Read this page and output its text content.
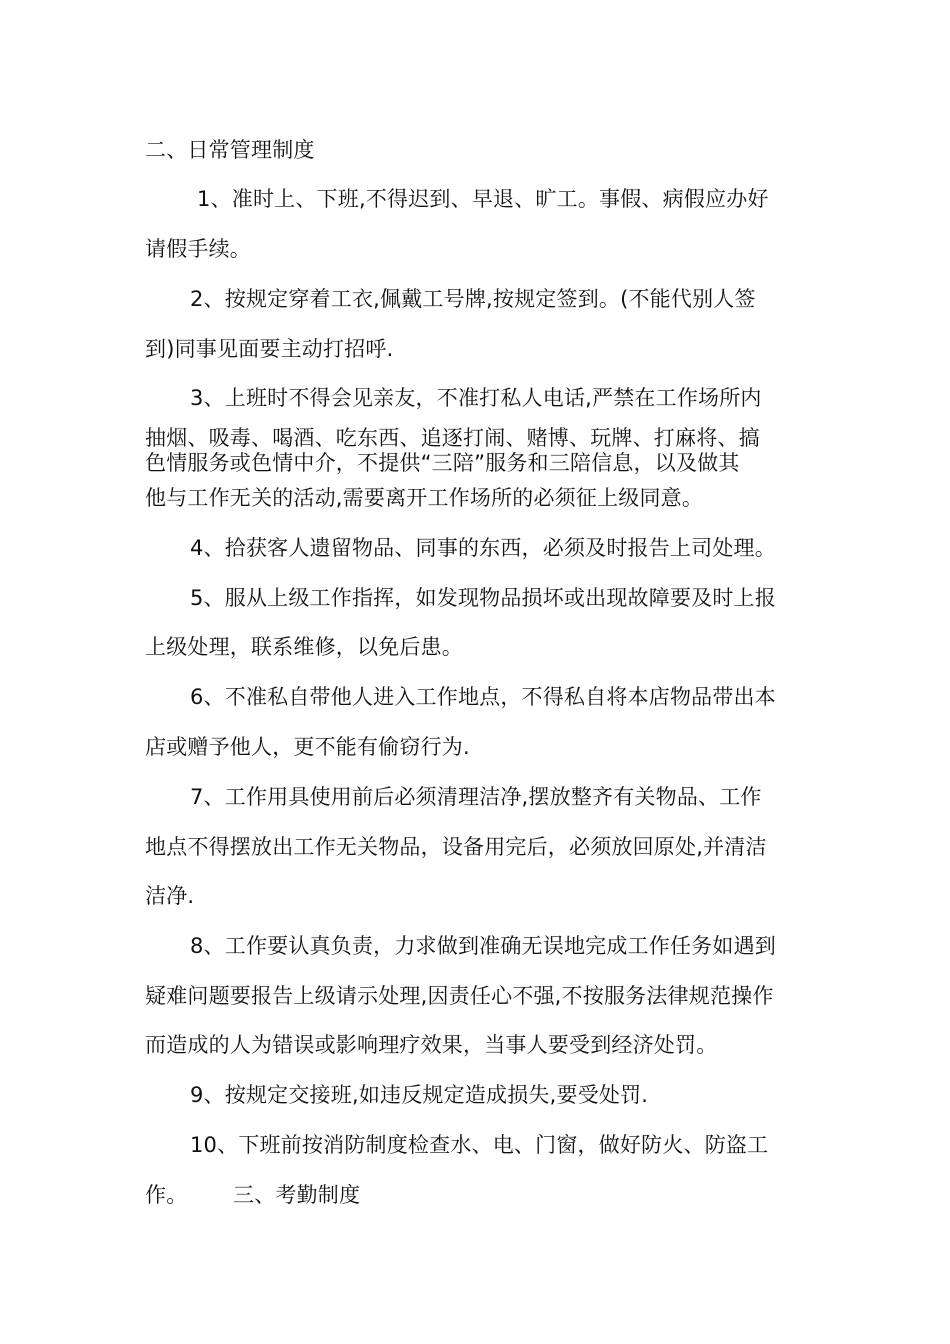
二、日常管理制度
1、准时上、下班,不得迟到、早退、旷工。事假、病假应办好
请假手续。
2、按规定穿着工衣,佩戴工号牌,按规定签到。(不能代别人签
到)同事见面要主动打招呼.
3、上班时不得会见亲友，不准打私人电话,严禁在工作场所内
抽烟、吸毒、喝酒、吃东西、追逐打闹、赌博、玩牌、打麻将、搞
色情服务或色情中介，不提供“三陪”服务和三陪信息，以及做其
他与工作无关的活动,需要离开工作场所的必须征上级同意。
4、拾获客人遗留物品、同事的东西，必须及时报告上司处理。
5、服从上级工作指挥，如发现物品损坏或出现故障要及时上报
上级处理，联系维修，以免后患。
6、不准私自带他人进入工作地点，不得私自将本店物品带出本
店或赠予他人，更不能有偷窃行为.
7、工作用具使用前后必须清理洁净,摆放整齐有关物品、工作
地点不得摆放出工作无关物品，设备用完后，必须放回原处,并清洁
洁净.
8、工作要认真负责，力求做到准确无误地完成工作任务如遇到
疑难问题要报告上级请示处理,因责任心不强,不按服务法律规范操作
而造成的人为错误或影响理疗效果，当事人要受到经济处罚。
9、按规定交接班,如违反规定造成损失,要受处罚.
10、下班前按消防制度检查水、电、门窗，做好防火、防盗工
作。 三、考勤制度
